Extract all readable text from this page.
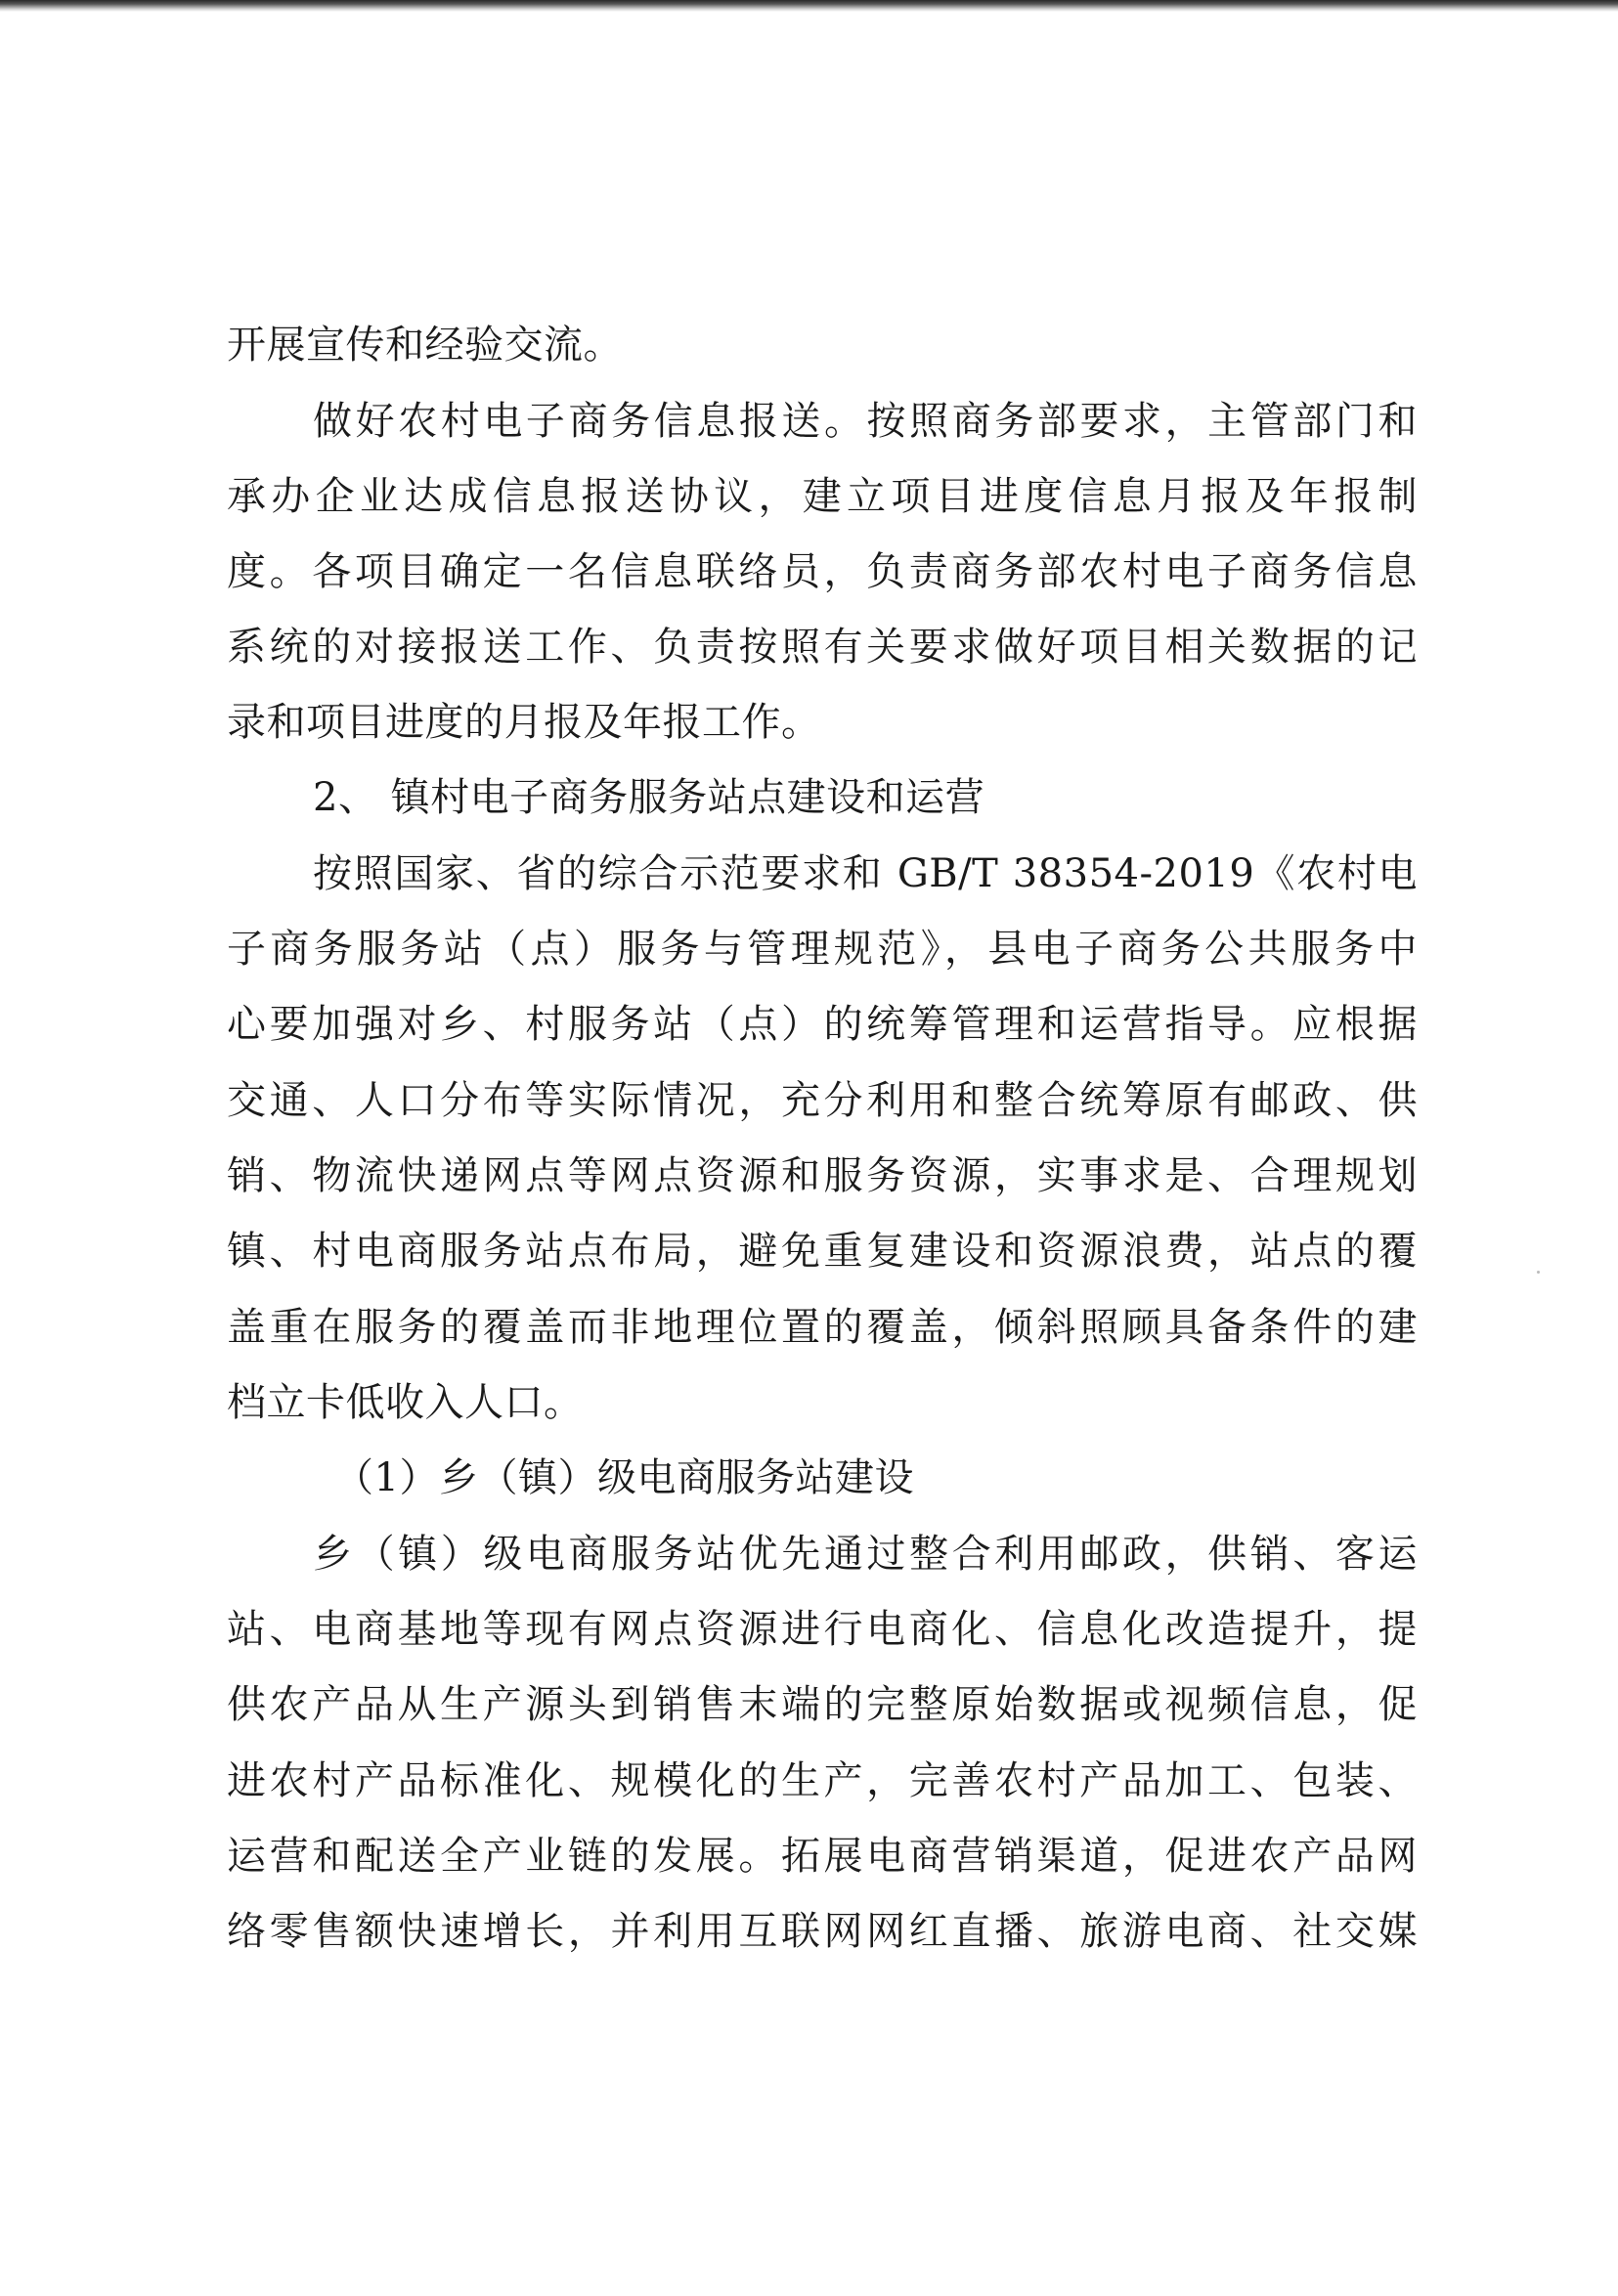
开展宣传和经验交流。
做好农村电子商务信息报送。按照商务部要求，主管部门和
承办企业达成信息报送协议，建立项目进度信息月报及年报制
度。各项目确定一名信息联络员，负责商务部农村电子商务信息
系统的对接报送工作、负责按照有关要求做好项目相关数据的记
录和项目进度的月报及年报工作。
2、 镇村电子商务服务站点建设和运营
按照国家、省的综合示范要求和 GB/T 38354-2019《农村电
子商务服务站（点）服务与管理规范》，县电子商务公共服务中
心要加强对乡、村服务站（点）的统筹管理和运营指导。应根据
交通、人口分布等实际情况，充分利用和整合统筹原有邮政、供
销、物流快递网点等网点资源和服务资源，实事求是、合理规划
镇、村电商服务站点布局，避免重复建设和资源浪费，站点的覆
盖重在服务的覆盖而非地理位置的覆盖，倾斜照顾具备条件的建
档立卡低收入人口。
（1）乡（镇）级电商服务站建设
乡（镇）级电商服务站优先通过整合利用邮政，供销、客运
站、电商基地等现有网点资源进行电商化、信息化改造提升，提
供农产品从生产源头到销售末端的完整原始数据或视频信息，促
进农村产品标准化、规模化的生产，完善农村产品加工、包装、
运营和配送全产业链的发展。拓展电商营销渠道，促进农产品网
络零售额快速增长，并利用互联网网红直播、旅游电商、社交媒
